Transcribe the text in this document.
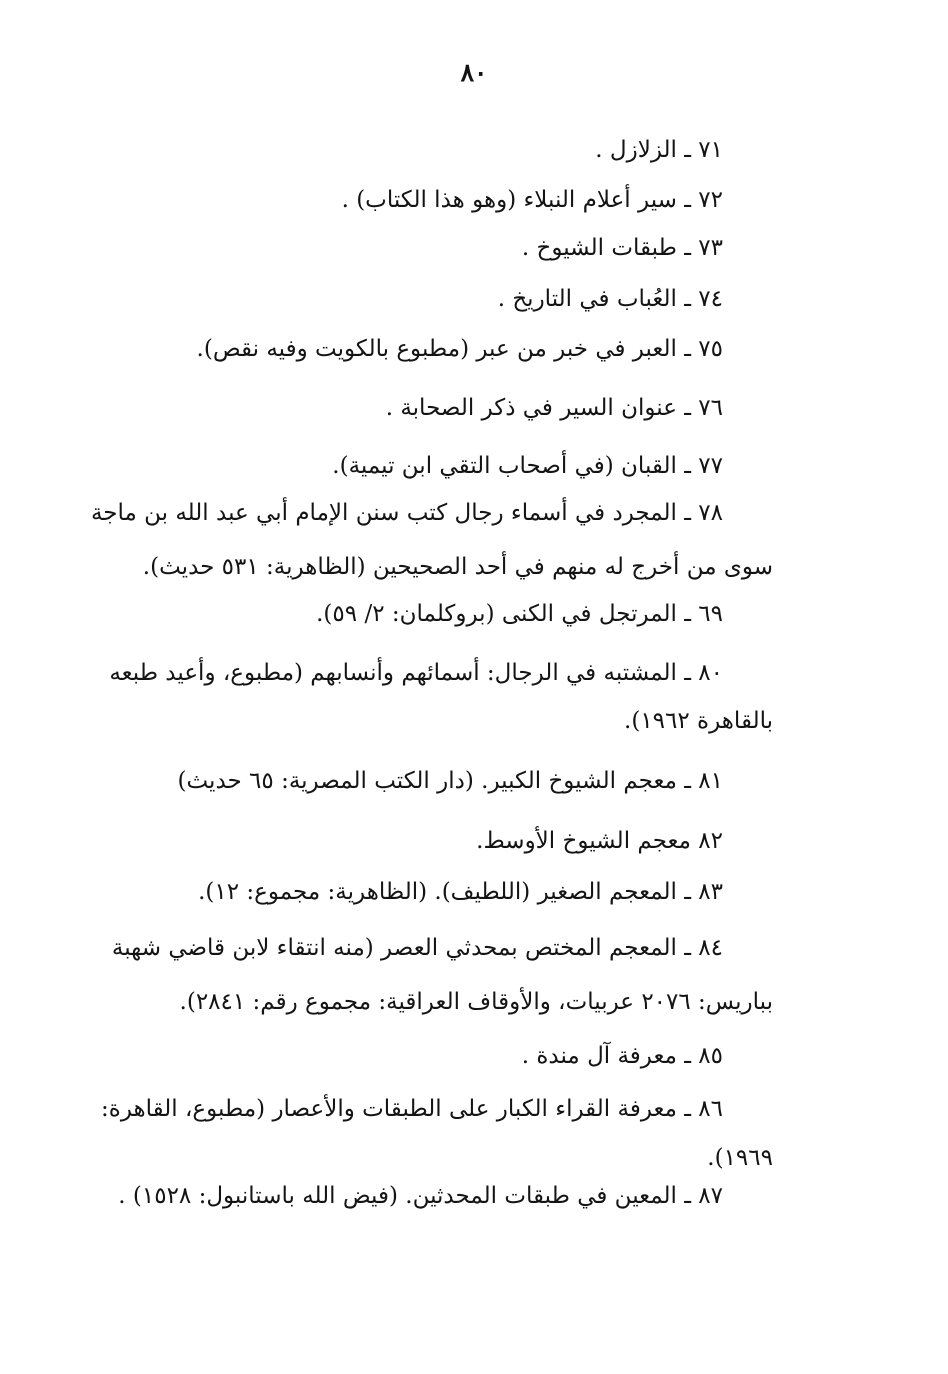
٨٠
٧١ ـ الزلازل .
٧٢ ـ سير أعلام النبلاء (وهو هذا الكتاب) .
٧٣ ـ طبقات الشيوخ .
٧٤ ـ العُباب في التاريخ .
٧٥ ـ العبر في خبر من عبر (مطبوع بالكويت وفيه نقص).
٧٦ ـ عنوان السير في ذكر الصحابة .
٧٧ ـ القبان (في أصحاب التقي ابن تيمية).
٧٨ ـ المجرد في أسماء رجال كتب سنن الإمام أبي عبد الله بن ماجة
سوى من أخرج له منهم في أحد الصحيحين (الظاهرية: ٥٣١ حديث).
٦٩ ـ المرتجل في الكنى (بروكلمان: ٢/ ٥٩).
٨٠ ـ المشتبه في الرجال: أسمائهم وأنسابهم (مطبوع، وأعيد طبعه
بالقاهرة ١٩٦٢).
٨١ ـ معجم الشيوخ الكبير. (دار الكتب المصرية: ٦٥ حديث)
٨٢ معجم الشيوخ الأوسط.
٨٣ ـ المعجم الصغير (اللطيف). (الظاهرية: مجموع: ١٢).
٨٤ ـ المعجم المختص بمحدثي العصر (منه انتقاء لابن قاضي شهبة
بباريس: ٢٠٧٦ عربيات، والأوقاف العراقية: مجموع رقم: ٢٨٤١).
٨٥ ـ معرفة آل مندة .
٨٦ ـ معرفة القراء الكبار على الطبقات والأعصار (مطبوع، القاهرة:
١٩٦٩).
٨٧ ـ المعين في طبقات المحدثين. (فيض الله باستانبول: ١٥٢٨) .
